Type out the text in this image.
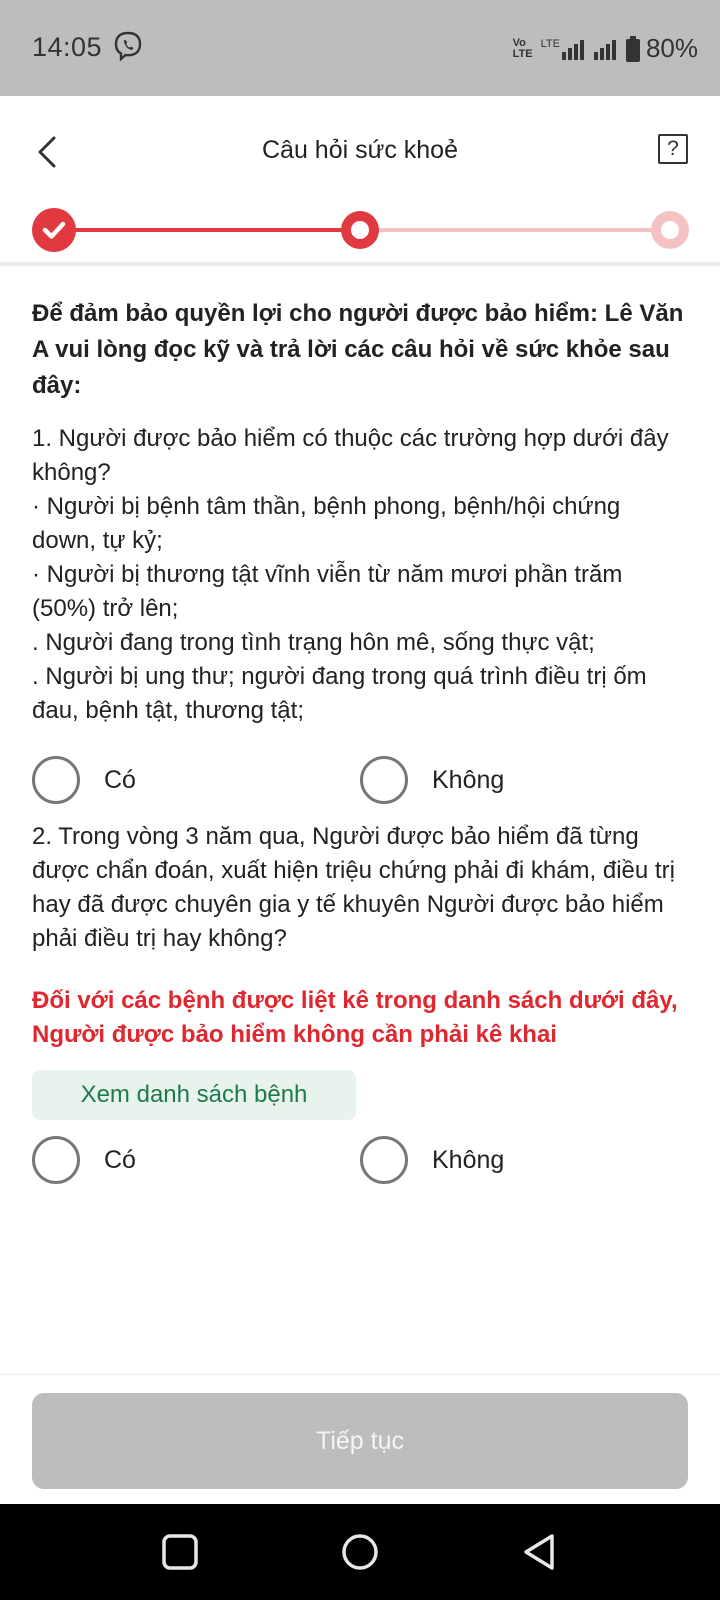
14:05	Vo
LTE
LTE	80%
Câu hỏi sức khoẻ	?
Để đảm bảo quyền lợi cho người được bảo hiểm: Lê Văn A vui lòng đọc kỹ và trả lời các câu hỏi về sức khỏe sau đây:
1. Người được bảo hiểm có thuộc các trường hợp dưới đây không?
· Người bị bệnh tâm thần, bệnh phong, bệnh/hội chứng down, tự kỷ;
· Người bị thương tật vĩnh viễn từ năm mươi phần trăm (50%) trở lên;
. Người đang trong tình trạng hôn mê, sống thực vật;
. Người bị ung thư; người đang trong quá trình điều trị ốm đau, bệnh tật, thương tật;
Có	Không
2. Trong vòng 3 năm qua, Người được bảo hiểm đã từng được chẩn đoán, xuất hiện triệu chứng phải đi khám, điều trị hay đã được chuyên gia y tế khuyên Người được bảo hiểm phải điều trị hay không?
Đối với các bệnh được liệt kê trong danh sách dưới đây, Người được bảo hiểm không cần phải kê khai
Xem danh sách bệnh
Có	Không
Tiếp tục
